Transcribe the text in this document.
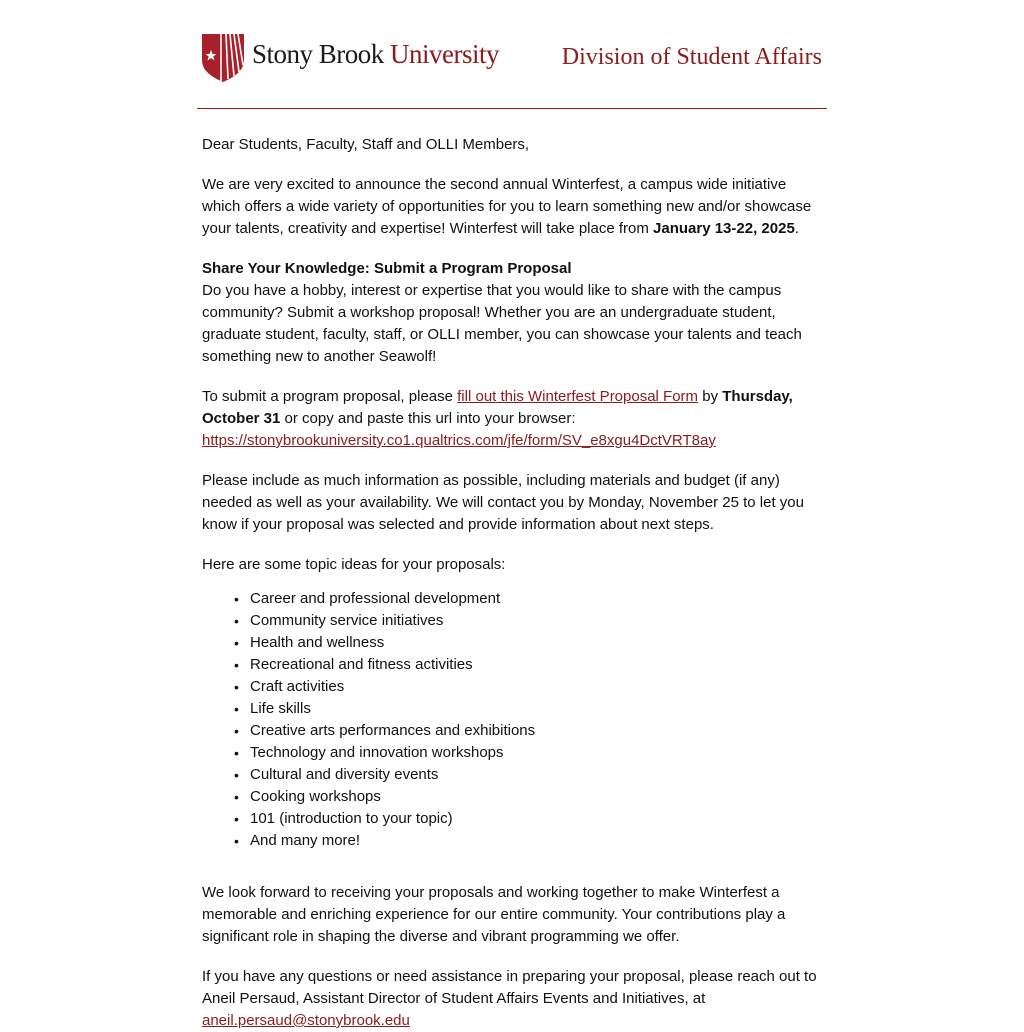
Stony Brook University	Division of Student Affairs

Dear Students, Faculty, Staff and OLLI Members,

We are very excited to announce the second annual Winterfest, a campus wide initiative which offers a wide variety of opportunities for you to learn something new and/or showcase your talents, creativity and expertise! Winterfest will take place from January 13-22, 2025.

Share Your Knowledge: Submit a Program Proposal
Do you have a hobby, interest or expertise that you would like to share with the campus community? Submit a workshop proposal! Whether you are an undergraduate student, graduate student, faculty, staff, or OLLI member, you can showcase your talents and teach something new to another Seawolf!

To submit a program proposal, please fill out this Winterfest Proposal Form by Thursday, October 31 or copy and paste this url into your browser:
https://stonybrookuniversity.co1.qualtrics.com/jfe/form/SV_e8xgu4DctVRT8ay

Please include as much information as possible, including materials and budget (if any) needed as well as your availability. We will contact you by Monday, November 25 to let you know if your proposal was selected and provide information about next steps.

Here are some topic ideas for your proposals:

• Career and professional development
• Community service initiatives
• Health and wellness
• Recreational and fitness activities
• Craft activities
• Life skills
• Creative arts performances and exhibitions
• Technology and innovation workshops
• Cultural and diversity events
• Cooking workshops
• 101 (introduction to your topic)
• And many more!

We look forward to receiving your proposals and working together to make Winterfest a memorable and enriching experience for our entire community. Your contributions play a significant role in shaping the diverse and vibrant programming we offer.

If you have any questions or need assistance in preparing your proposal, please reach out to Aneil Persaud, Assistant Director of Student Affairs Events and Initiatives, at
aneil.persaud@stonybrook.edu
